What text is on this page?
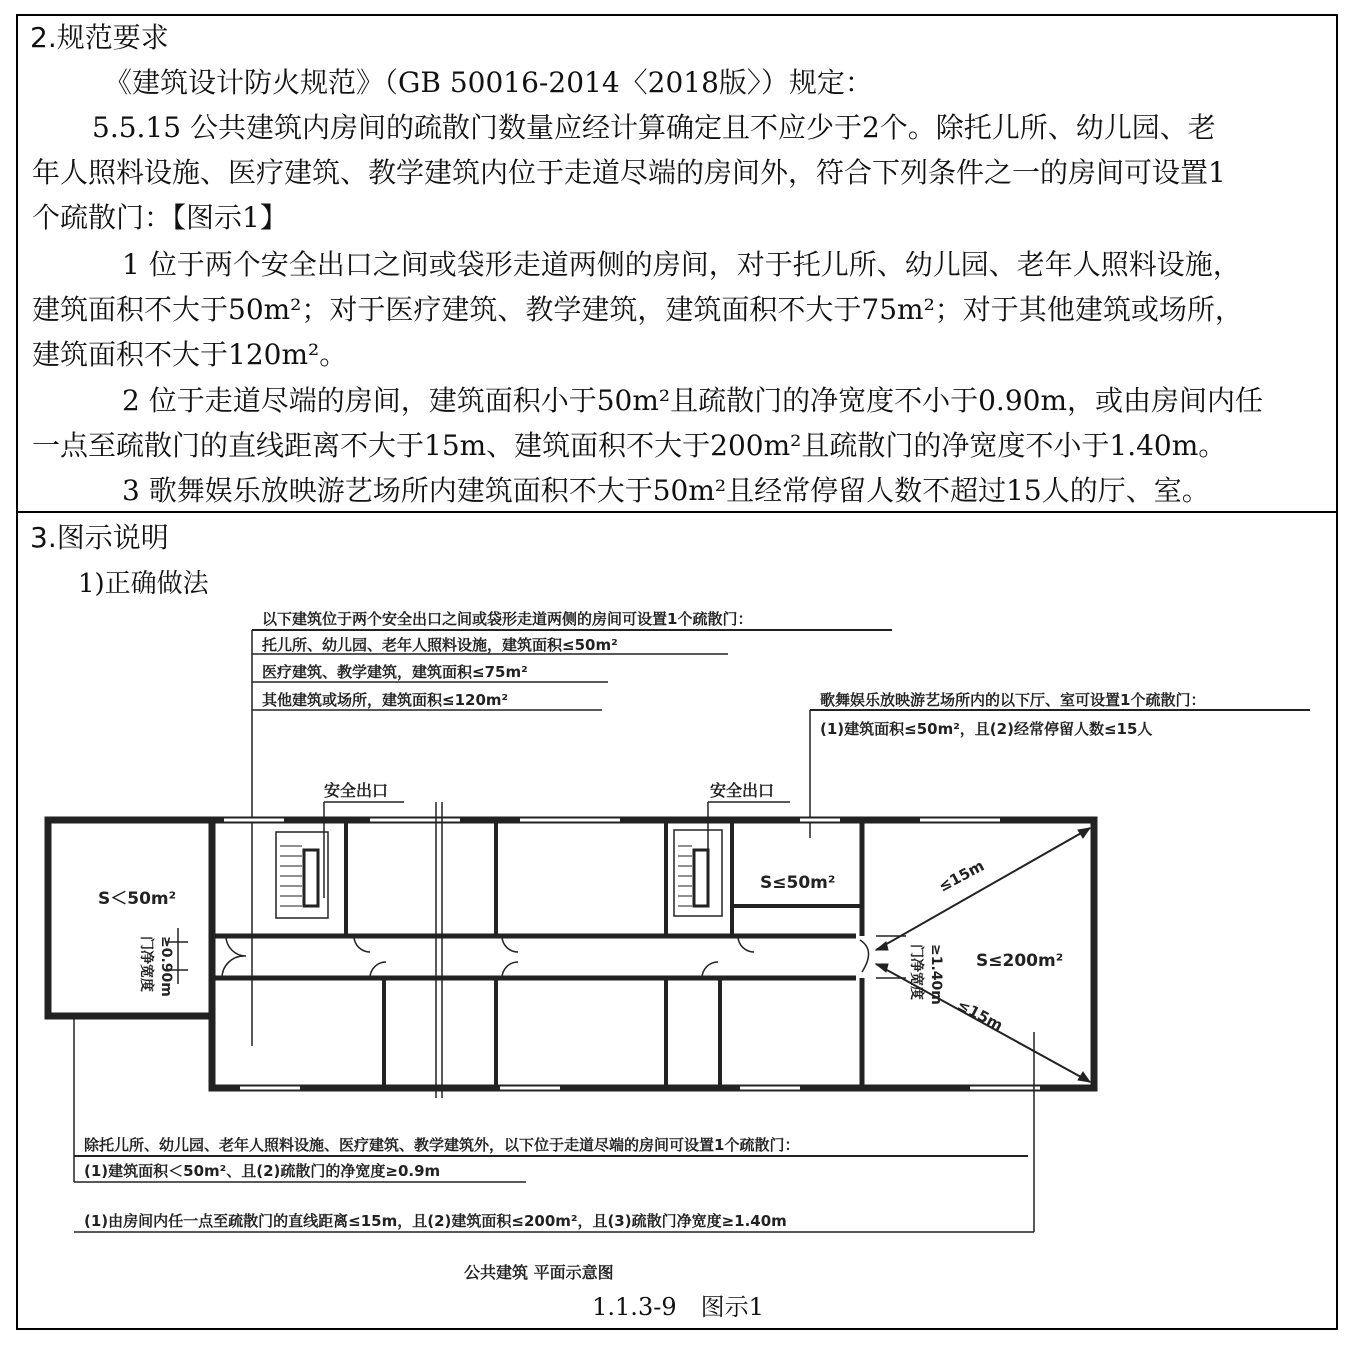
2.规范要求
《建筑设计防火规范》（GB 50016-2014〈2018版〉）规定：
5.5.15 公共建筑内房间的疏散门数量应经计算确定且不应少于2个。除托儿所、幼儿园、老
年人照料设施、医疗建筑、教学建筑内位于走道尽端的房间外，符合下列条件之一的房间可设置1
个疏散门：【图示1】
1 位于两个安全出口之间或袋形走道两侧的房间，对于托儿所、幼儿园、老年人照料设施，
建筑面积不大于50m²；对于医疗建筑、教学建筑，建筑面积不大于75m²；对于其他建筑或场所，
建筑面积不大于120m²。
2 位于走道尽端的房间，建筑面积小于50m²且疏散门的净宽度不小于0.90m，或由房间内任
一点至疏散门的直线距离不大于15m、建筑面积不大于200m²且疏散门的净宽度不小于1.40m。
3 歌舞娱乐放映游艺场所内建筑面积不大于50m²且经常停留人数不超过15人的厅、室。
3.图示说明
1)正确做法
以下建筑位于两个安全出口之间或袋形走道两侧的房间可设置1个疏散门：
托儿所、幼儿园、老年人照料设施，建筑面积≤50m²
医疗建筑、教学建筑，建筑面积≤75m²
其他建筑或场所，建筑面积≤120m²	歌舞娱乐放映游艺场所内的以下厅、室可设置1个疏散门：
(1)建筑面积≤50m²，且(2)经常停留人数≤15人
安全出口	安全出口
S＜50m²
S≤50m²
S≤200m²
门净宽度 ≥0.90m	门净宽度 ≥1.40m
≤15m
≤15m
除托儿所、幼儿园、老年人照料设施、医疗建筑、教学建筑外，以下位于走道尽端的房间可设置1个疏散门：
(1)建筑面积＜50m²、且(2)疏散门的净宽度≥0.9m
(1)由房间内任一点至疏散门的直线距离≤15m，且(2)建筑面积≤200m²，且(3)疏散门净宽度≥1.40m
公共建筑 平面示意图
1.1.3-9　图示1
